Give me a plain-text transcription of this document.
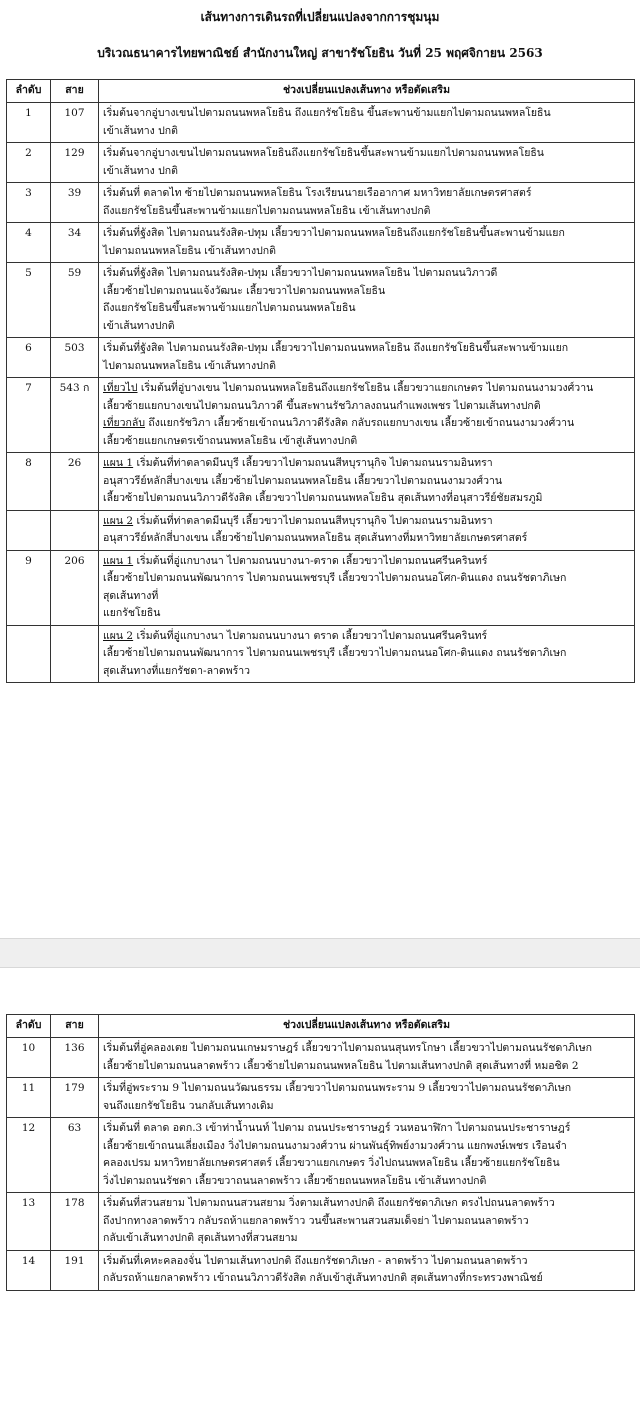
เส้นทางการเดินรถที่เปลี่ยนแปลงจากการชุมนุม
บริเวณธนาคารไทยพาณิชย์ สำนักงานใหญ่ สาขารัชโยธิน วันที่ 25 พฤศจิกายน 2563
ลำดับ	สาย	ช่วงเปลี่ยนแปลงเส้นทาง หรือตัดเสริม
1	107	เริ่มต้นจากอู่บางเขนไปตามถนนพหลโยธิน ถึงแยกรัชโยธิน ขึ้นสะพานข้ามแยกไปตามถนนพหลโยธิน
เข้าเส้นทาง ปกติ

2	129	เริ่มต้นจากอู่บางเขนไปตามถนนพหลโยธินถึงแยกรัชโยธินขึ้นสะพานข้ามแยกไปตามถนนพหลโยธิน
เข้าเส้นทาง ปกติ

3	39	เริ่มต้นที่ ตลาดไท ซ้ายไปตามถนนพหลโยธิน โรงเรียนนายเรืออากาศ มหาวิทยาลัยเกษตรศาสตร์
ถึงแยกรัชโยธินขึ้นสะพานข้ามแยกไปตามถนนพหลโยธิน เข้าเส้นทางปกติ

4	34	เริ่มต้นที่ฐังสิต ไปตามถนนรังสิต-ปทุม เลี้ยวขวาไปตามถนนพหลโยธินถึงแยกรัชโยธินขึ้นสะพานข้ามแยก
ไปตามถนนพหลโยธิน เข้าเส้นทางปกติ

5	59	เริ่มต้นที่ฐังสิต ไปตามถนนรังสิต-ปทุม เลี้ยวขวาไปตามถนนพหลโยธิน ไปตามถนนวิภาวดี
เลี้ยวซ้ายไปตามถนนแจ้งวัฒนะ เลี้ยวขวาไปตามถนนพหลโยธิน
ถึงแยกรัชโยธินขึ้นสะพานข้ามแยกไปตามถนนพหลโยธิน
เข้าเส้นทางปกติ

6	503	เริ่มต้นที่ฐังสิต ไปตามถนนรังสิต-ปทุม เลี้ยวขวาไปตามถนนพหลโยธิน ถึงแยกรัชโยธินขึ้นสะพานข้ามแยก
ไปตามถนนพหลโยธิน เข้าเส้นทางปกติ

7	543 ก	เที่ยวไป เริ่มต้นที่อู่บางเขน ไปตามถนนพหลโยธินถึงแยกรัชโยธิน เลี้ยวขวาแยกเกษตร ไปตามถนนงามวงศ์วาน
เลี้ยวซ้ายแยกบางเขนไปตามถนนวิภาวดี ขึ้นสะพานรัชวิภาลงถนนกำแพงเพชร ไปตามเส้นทางปกติ
เที่ยวกลับ ถึงแยกรัชวิภา เลี้ยวซ้ายเข้าถนนวิภาวดีรังสิต กลับรถแยกบางเขน เลี้ยวซ้ายเข้าถนนงามวงศ์วาน
เลี้ยวซ้ายแยกเกษตรเข้าถนนพหลโยธิน เข้าสู่เส้นทางปกติ

8	26	แผน 1 เริ่มต้นที่ท่าตลาดมีนบุรี เลี้ยวขวาไปตามถนนสีหบุรานุกิจ ไปตามถนนรามอินทรา
อนุสาวรีย์หลักสี่บางเขน เลี้ยวซ้ายไปตามถนนพหลโยธิน เลี้ยวขวาไปตามถนนงามวงศ์วาน
เลี้ยวซ้ายไปตามถนนวิภาวดีรังสิต เลี้ยวขวาไปตามถนนพหลโยธิน สุดเส้นทางที่อนุสาวรีย์ชัยสมรภูมิ

		แผน 2 เริ่มต้นที่ท่าตลาดมีนบุรี เลี้ยวขวาไปตามถนนสีหบุรานุกิจ ไปตามถนนรามอินทรา
อนุสาวรีย์หลักสี่บางเขน เลี้ยวซ้ายไปตามถนนพหลโยธิน สุดเส้นทางที่มหาวิทยาลัยเกษตรศาสตร์

9	206	แผน 1 เริ่มต้นที่อู่แกบางนา ไปตามถนนบางนา-ตราด เลี้ยวขวาไปตามถนนศรีนครินทร์
เลี้ยวซ้ายไปตามถนนพัฒนาการ ไปตามถนนเพชรบุรี เลี้ยวขวาไปตามถนนอโศก-ดินแดง ถนนรัชดาภิเษก
สุดเส้นทางที่
แยกรัชโยธิน

		แผน 2 เริ่มต้นที่อู่แกบางนา ไปตามถนนบางนา ตราด เลี้ยวขวาไปตามถนนศรีนครินทร์
เลี้ยวซ้ายไปตามถนนพัฒนาการ ไปตามถนนเพชรบุรี เลี้ยวขวาไปตามถนนอโศก-ดินแดง ถนนรัชดาภิเษก
สุดเส้นทางที่แยกรัชดา-ลาดพร้าว
ลำดับ	สาย	ช่วงเปลี่ยนแปลงเส้นทาง หรือตัดเสริม
10	136	เริ่มต้นที่อู่คลองเตย ไปตามถนนเกษมราษฎร์ เลี้ยวขวาไปตามถนนสุนทรโกษา เลี้ยวขวาไปตามถนนรัชดาภิเษก
เลี้ยวซ้ายไปตามถนนลาดพร้าว เลี้ยวซ้ายไปตามถนนพหลโยธิน ไปตามเส้นทางปกติ สุดเส้นทางที่ หมอชิต 2

11	179	เริ่มที่อู่พระราม 9 ไปตามถนนวัฒนธรรม เลี้ยวขวาไปตามถนนพระราม 9 เลี้ยวขวาไปตามถนนรัชดาภิเษก
จนถึงแยกรัชโยธิน วนกลับเส้นทางเดิม

12	63	เริ่มต้นที่ ตลาด อตก.3 เข้าท่าน้ำนนท์ ไปตาม ถนนประชาราษฎร์ วนหอนาฬิกา ไปตามถนนประชาราษฎร์
เลี้ยวซ้ายเข้าถนนเลี่ยงเมือง วิ่งไปตามถนนงามวงศ์วาน ผ่านพันธุ์ทิพย์งามวงศ์วาน แยกพงษ์เพชร เรือนจำ
คลองเปรม มหาวิทยาลัยเกษตรศาสตร์ เลี้ยวขวาแยกเกษตร วิ่งไปถนนพหลโยธิน เลี้ยวซ้ายแยกรัชโยธิน
วิ่งไปตามถนนรัชดา เลี้ยวขวาถนนลาดพร้าว เลี้ยวซ้ายถนนพหลโยธิน เข้าเส้นทางปกติ

13	178	เริ่มต้นที่สวนสยาม ไปตามถนนสวนสยาม วิ่งตามเส้นทางปกติ ถึงแยกรัชดาภิเษก ตรงไปถนนลาดพร้าว
ถึงปากทางลาดพร้าว กลับรถห้าแยกลาดพร้าว วนขึ้นสะพานสวนสมเด็จย่า ไปตามถนนลาดพร้าว
กลับเข้าเส้นทางปกติ สุดเส้นทางที่สวนสยาม

14	191	เริ่มต้นที่เคหะคลองจั่น ไปตามเส้นทางปกติ ถึงแยกรัชดาภิเษก - ลาดพร้าว ไปตามถนนลาดพร้าว
กลับรถห้าแยกลาดพร้าว เข้าถนนวิภาวดีรังสิต กลับเข้าสู่เส้นทางปกติ สุดเส้นทางที่กระทรวงพาณิชย์
